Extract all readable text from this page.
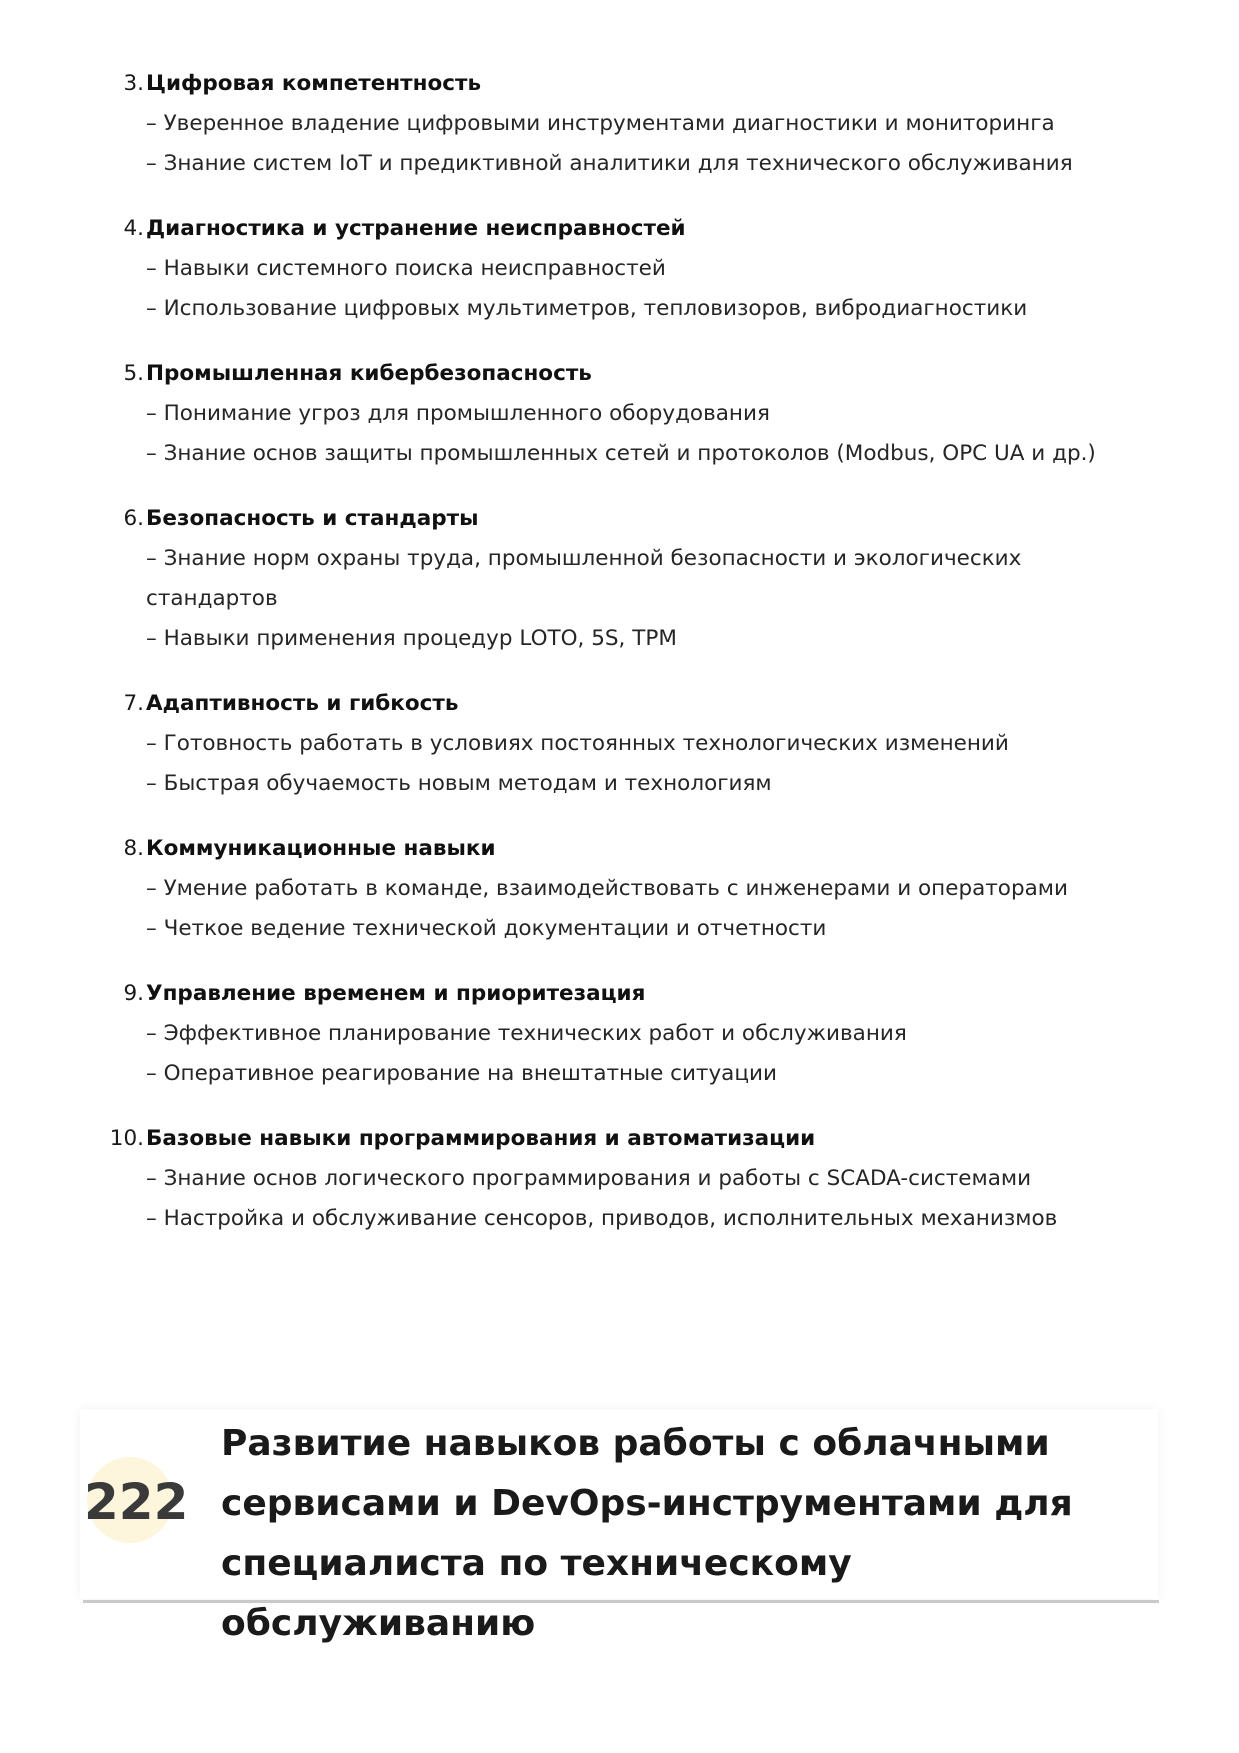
3. Цифровая компетентность
– Уверенное владение цифровыми инструментами диагностики и мониторинга
– Знание систем IoT и предиктивной аналитики для технического обслуживания
4. Диагностика и устранение неисправностей
– Навыки системного поиска неисправностей
– Использование цифровых мультиметров, тепловизоров, вибродиагностики
5. Промышленная кибербезопасность
– Понимание угроз для промышленного оборудования
– Знание основ защиты промышленных сетей и протоколов (Modbus, OPC UA и др.)
6. Безопасность и стандарты
– Знание норм охраны труда, промышленной безопасности и экологических стандартов
– Навыки применения процедур LOTO, 5S, TPM
7. Адаптивность и гибкость
– Готовность работать в условиях постоянных технологических изменений
– Быстрая обучаемость новым методам и технологиям
8. Коммуникационные навыки
– Умение работать в команде, взаимодействовать с инженерами и операторами
– Четкое ведение технической документации и отчетности
9. Управление временем и приоритезация
– Эффективное планирование технических работ и обслуживания
– Оперативное реагирование на внештатные ситуации
10. Базовые навыки программирования и автоматизации
– Знание основ логического программирования и работы с SCADA-системами
– Настройка и обслуживание сенсоров, приводов, исполнительных механизмов
222
Развитие навыков работы с облачными сервисами и DevOps-инструментами для специалиста по техническому обслуживанию
